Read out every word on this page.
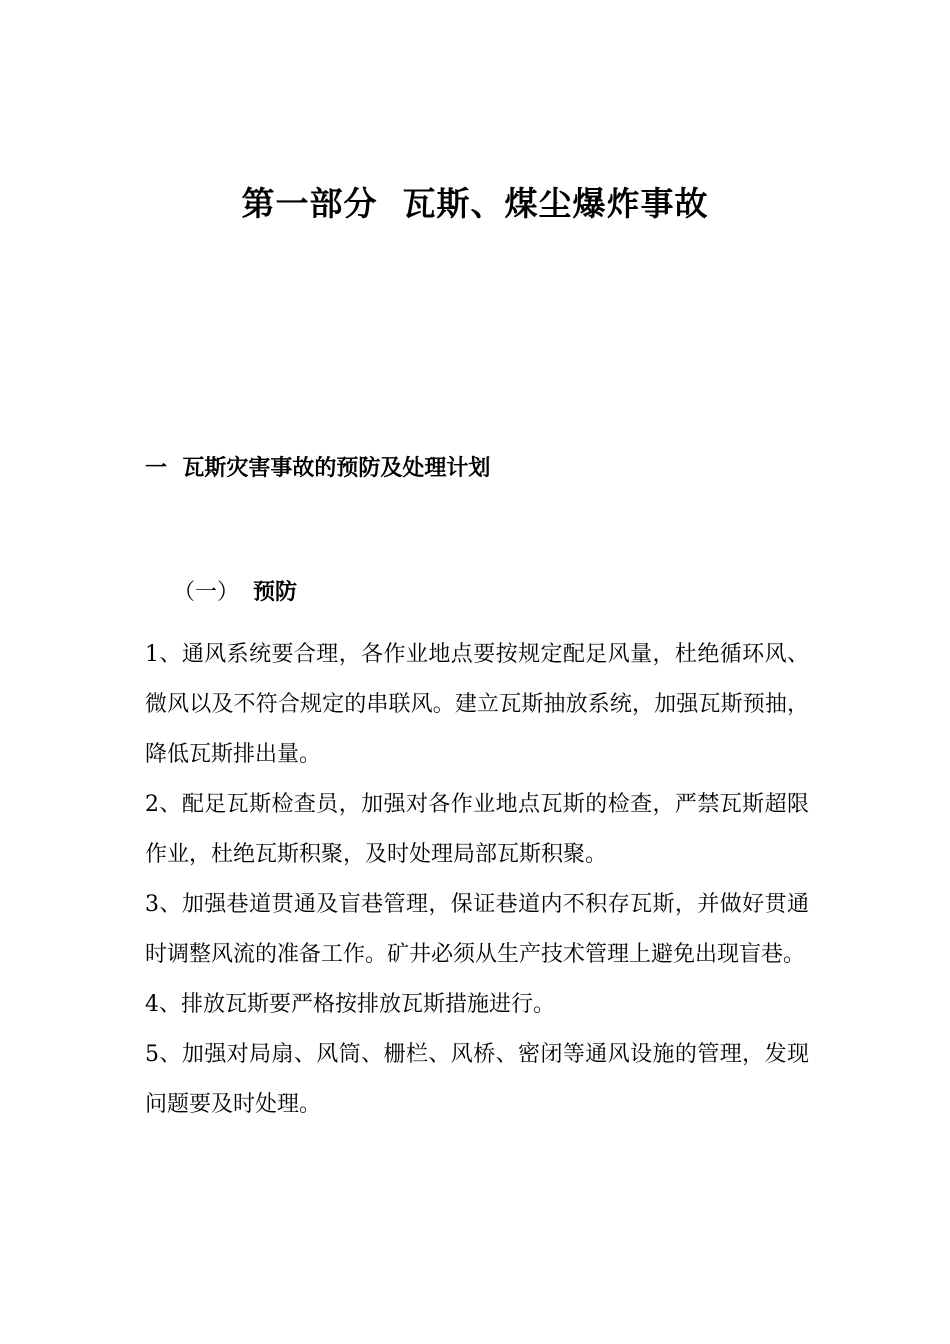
第一部分  瓦斯、煤尘爆炸事故
一  瓦斯灾害事故的预防及处理计划

（一） 预防

1、通风系统要合理，各作业地点要按规定配足风量，杜绝循环风、微风以及不符合规定的串联风。建立瓦斯抽放系统，加强瓦斯预抽，降低瓦斯排出量。

2、配足瓦斯检查员，加强对各作业地点瓦斯的检查，严禁瓦斯超限作业，杜绝瓦斯积聚，及时处理局部瓦斯积聚。

3、加强巷道贯通及盲巷管理，保证巷道内不积存瓦斯，并做好贯通时调整风流的准备工作。矿井必须从生产技术管理上避免出现盲巷。

4、排放瓦斯要严格按排放瓦斯措施进行。

5、加强对局扇、风筒、栅栏、风桥、密闭等通风设施的管理，发现问题要及时处理。
